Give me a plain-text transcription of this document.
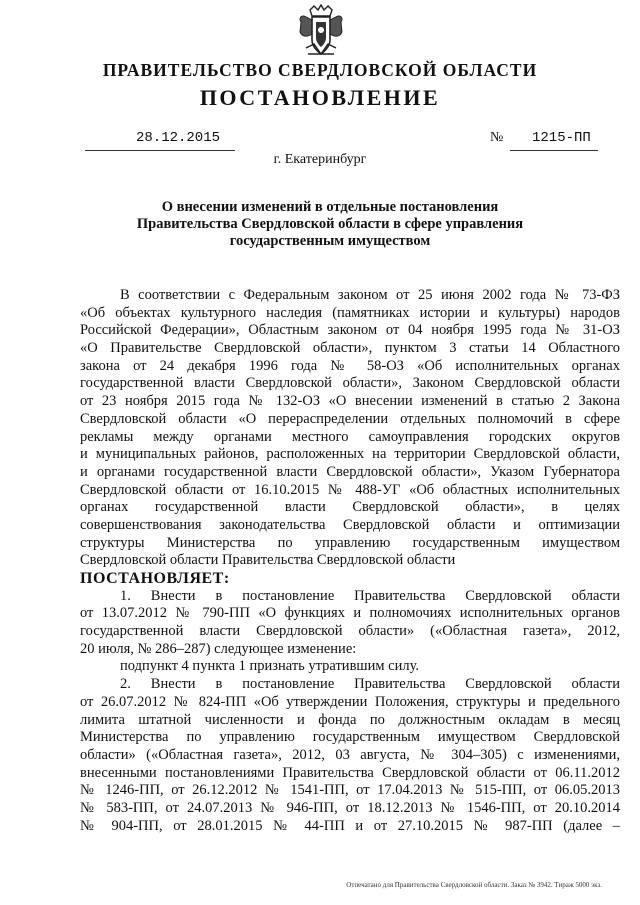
ПРАВИТЕЛЬСТВО СВЕРДЛОВСКОЙ ОБЛАСТИ
ПОСТАНОВЛЕНИЕ
28.12.2015	№ 1215-ПП
г. Екатеринбург
О внесении изменений в отдельные постановления
Правительства Свердловской области в сфере управления
государственным имуществом
В соответствии с Федеральным законом от 25 июня 2002 года № 73-ФЗ
«Об объектах культурного наследия (памятниках истории и культуры) народов
Российской Федерации», Областным законом от 04 ноября 1995 года № 31-ОЗ
«О Правительстве Свердловской области», пунктом 3 статьи 14 Областного
закона от 24 декабря 1996 года № 58-ОЗ «Об исполнительных органах
государственной власти Свердловской области», Законом Свердловской области
от 23 ноября 2015 года № 132-ОЗ «О внесении изменений в статью 2 Закона
Свердловской области «О перераспределении отдельных полномочий в сфере
рекламы между органами местного самоуправления городских округов
и муниципальных районов, расположенных на территории Свердловской области,
и органами государственной власти Свердловской области», Указом Губернатора
Свердловской области от 16.10.2015 № 488-УГ «Об областных исполнительных
органах государственной власти Свердловской области», в целях
совершенствования законодательства Свердловской области и оптимизации
структуры Министерства по управлению государственным имуществом
Свердловской области Правительства Свердловской области
ПОСТАНОВЛЯЕТ:
1. Внести в постановление Правительства Свердловской области
от 13.07.2012 № 790-ПП «О функциях и полномочиях исполнительных органов
государственной власти Свердловской области» («Областная газета», 2012,
20 июля, № 286–287) следующее изменение:
подпункт 4 пункта 1 признать утратившим силу.
2. Внести в постановление Правительства Свердловской области
от 26.07.2012 № 824-ПП «Об утверждении Положения, структуры и предельного
лимита штатной численности и фонда по должностным окладам в месяц
Министерства по управлению государственным имуществом Свердловской
области» («Областная газета», 2012, 03 августа, № 304–305) с изменениями,
внесенными постановлениями Правительства Свердловской области от 06.11.2012
№ 1246-ПП, от 26.12.2012 № 1541-ПП, от 17.04.2013 № 515-ПП, от 06.05.2013
№ 583-ПП, от 24.07.2013 № 946-ПП, от 18.12.2013 № 1546-ПП, от 20.10.2014
№ 904-ПП, от 28.01.2015 № 44-ПП и от 27.10.2015 № 987-ПП (далее –
Отпечатано для Правительства Свердловской области. Заказ № 3942. Тираж 5000 экз.
